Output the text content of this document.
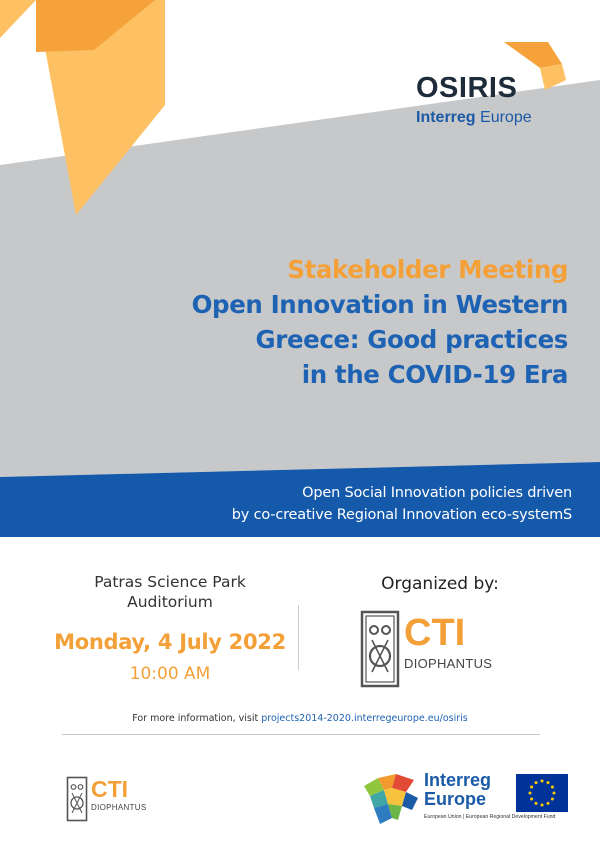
OSIRIS
Interreg Europe
Stakeholder Meeting
Open Innovation in Western
Greece: Good practices
in the COVID-19 Era
Open Social Innovation policies driven
by co-creative Regional Innovation eco-systemS
Patras Science Park
Auditorium
Monday, 4 July 2022
10:00 AM
Organized by:
CTI
DIOPHANTUS
For more information, visit projects2014-2020.interregeurope.eu/osiris
CTI
DIOPHANTUS
Interreg
Europe
European Union | European Regional Development Fund
